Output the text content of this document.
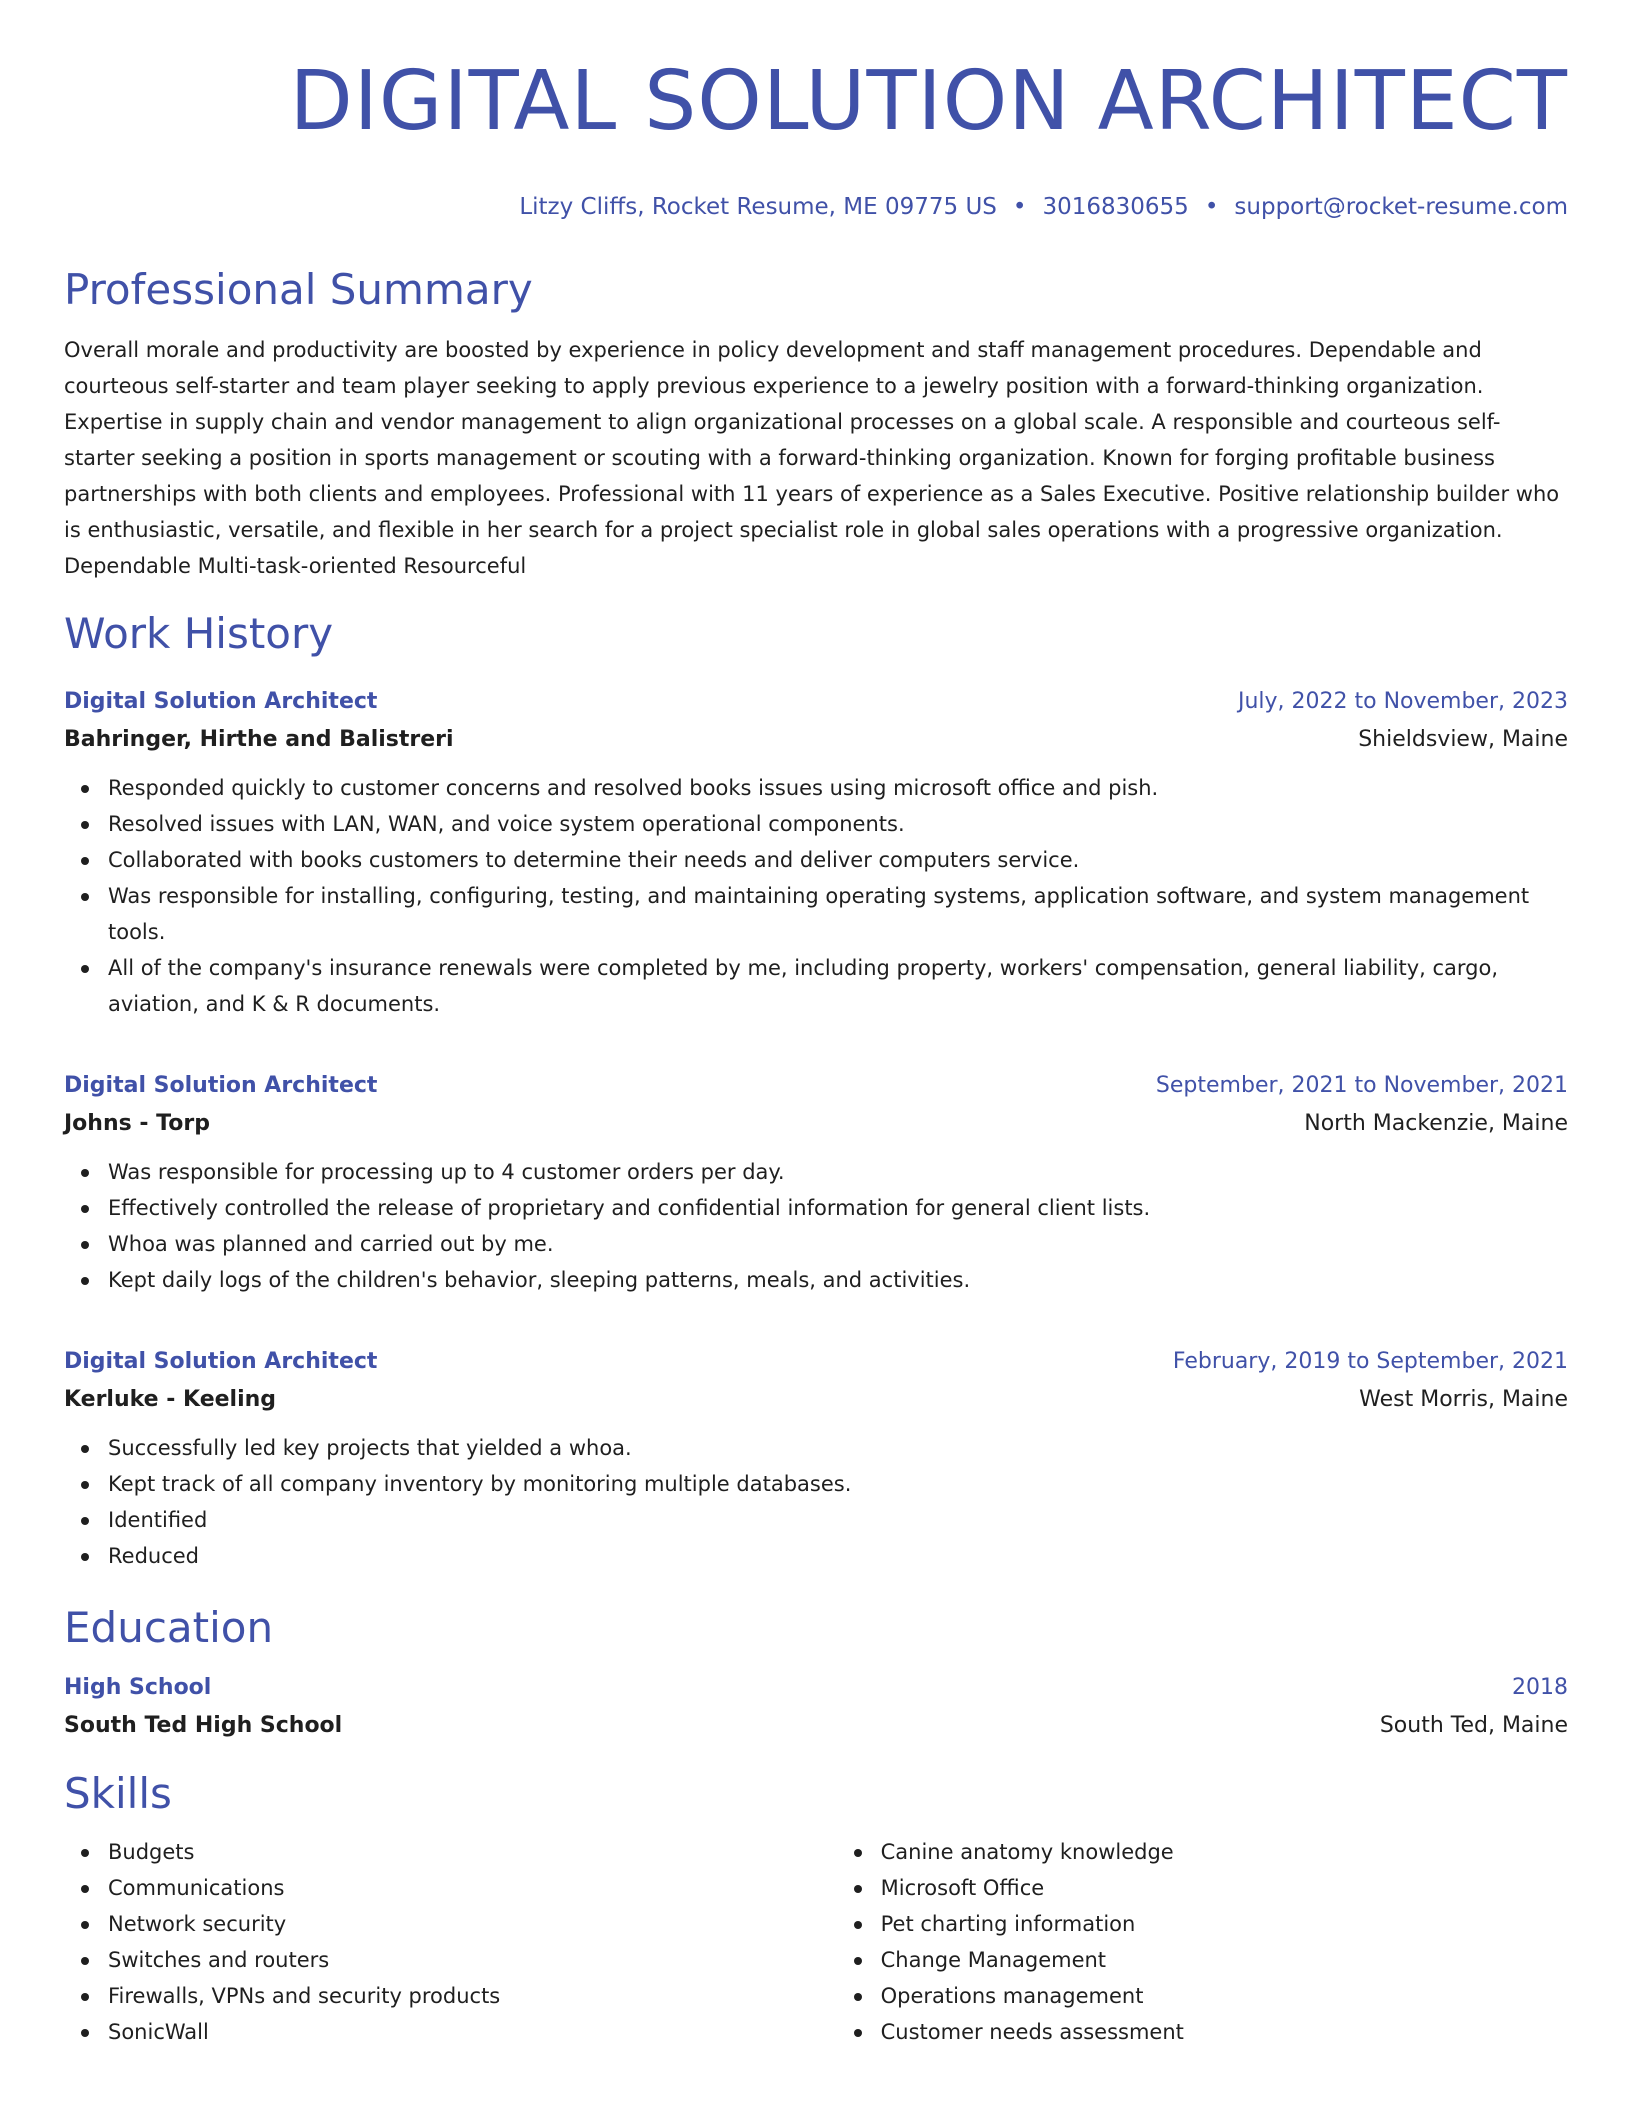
DIGITAL SOLUTION ARCHITECT
Litzy Cliffs, Rocket Resume, ME 09775 US • 3016830655 • support@rocket-resume.com
Professional Summary
Overall morale and productivity are boosted by experience in policy development and staff management procedures. Dependable and courteous self-starter and team player seeking to apply previous experience to a jewelry position with a forward-thinking organization. Expertise in supply chain and vendor management to align organizational processes on a global scale. A responsible and courteous self-starter seeking a position in sports management or scouting with a forward-thinking organization. Known for forging profitable business partnerships with both clients and employees. Professional with 11 years of experience as a Sales Executive. Positive relationship builder who is enthusiastic, versatile, and flexible in her search for a project specialist role in global sales operations with a progressive organization. Dependable Multi-task-oriented Resourceful
Work History
Digital Solution Architect	July, 2022 to November, 2023
Bahringer, Hirthe and Balistreri	Shieldsview, Maine
Responded quickly to customer concerns and resolved books issues using microsoft office and pish.
Resolved issues with LAN, WAN, and voice system operational components.
Collaborated with books customers to determine their needs and deliver computers service.
Was responsible for installing, configuring, testing, and maintaining operating systems, application software, and system management tools.
All of the company's insurance renewals were completed by me, including property, workers' compensation, general liability, cargo, aviation, and K & R documents.
Digital Solution Architect	September, 2021 to November, 2021
Johns - Torp	North Mackenzie, Maine
Was responsible for processing up to 4 customer orders per day.
Effectively controlled the release of proprietary and confidential information for general client lists.
Whoa was planned and carried out by me.
Kept daily logs of the children's behavior, sleeping patterns, meals, and activities.
Digital Solution Architect	February, 2019 to September, 2021
Kerluke - Keeling	West Morris, Maine
Successfully led key projects that yielded a whoa.
Kept track of all company inventory by monitoring multiple databases.
Identified
Reduced
Education
High School	2018
South Ted High School	South Ted, Maine
Skills
Budgets
Communications
Network security
Switches and routers
Firewalls, VPNs and security products
SonicWall
Canine anatomy knowledge
Microsoft Office
Pet charting information
Change Management
Operations management
Customer needs assessment
